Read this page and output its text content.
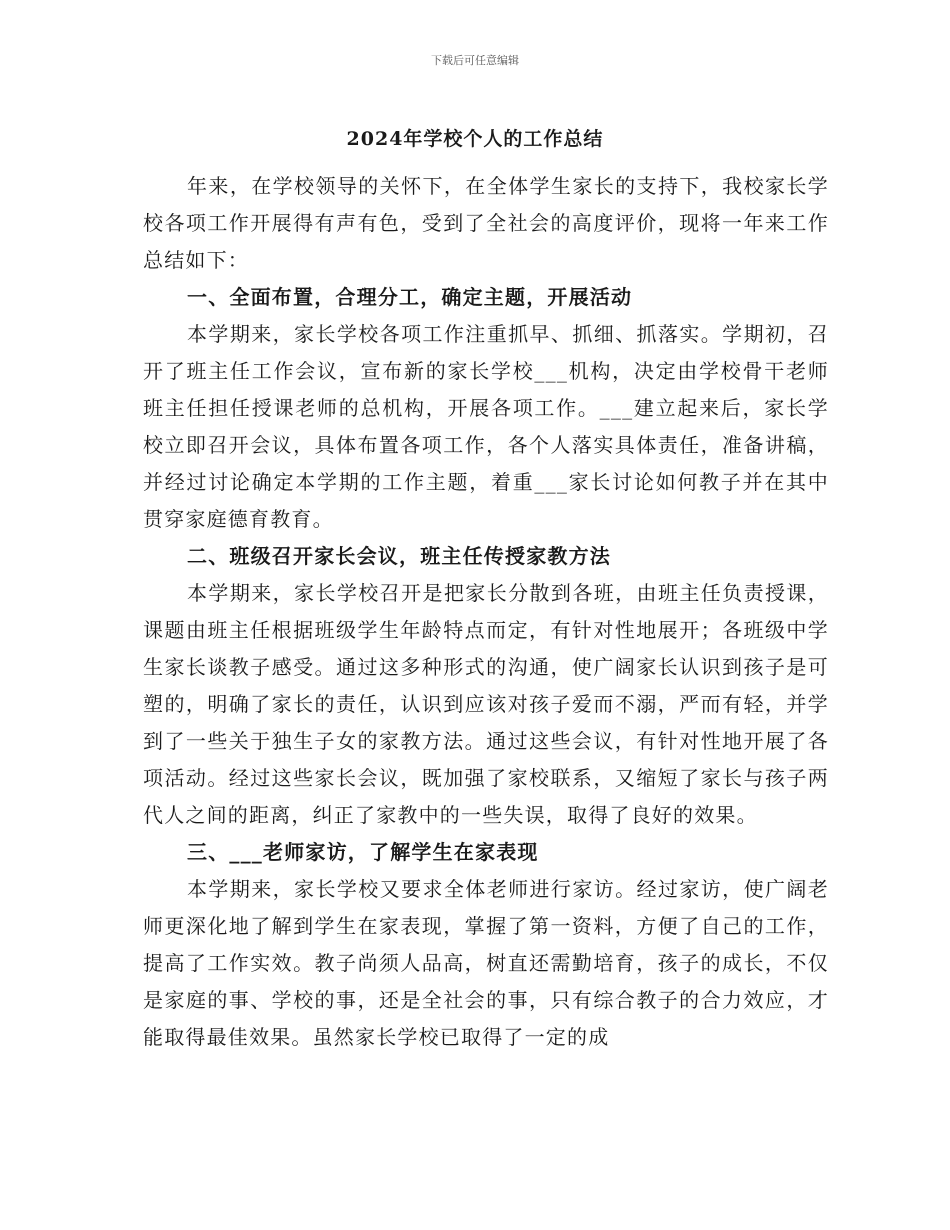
下载后可任意编辑
2024年学校个人的工作总结

年来，在学校领导的关怀下，在全体学生家长的支持下，我校家长学校各项工作开展得有声有色，受到了全社会的高度评价，现将一年来工作总结如下：

一、全面布置，合理分工，确定主题，开展活动

本学期来，家长学校各项工作注重抓早、抓细、抓落实。学期初，召开了班主任工作会议，宣布新的家长学校___机构，决定由学校骨干老师班主任担任授课老师的总机构，开展各项工作。___建立起来后，家长学校立即召开会议，具体布置各项工作，各个人落实具体责任，准备讲稿，并经过讨论确定本学期的工作主题，着重___家长讨论如何教子并在其中贯穿家庭德育教育。

二、班级召开家长会议，班主任传授家教方法

本学期来，家长学校召开是把家长分散到各班，由班主任负责授课，课题由班主任根据班级学生年龄特点而定，有针对性地展开；各班级中学生家长谈教子感受。通过这多种形式的沟通，使广阔家长认识到孩子是可塑的，明确了家长的责任，认识到应该对孩子爱而不溺，严而有轻，并学到了一些关于独生子女的家教方法。通过这些会议，有针对性地开展了各项活动。经过这些家长会议，既加强了家校联系，又缩短了家长与孩子两代人之间的距离，纠正了家教中的一些失误，取得了良好的效果。

三、___老师家访，了解学生在家表现

本学期来，家长学校又要求全体老师进行家访。经过家访，使广阔老师更深化地了解到学生在家表现，掌握了第一资料，方便了自己的工作，提高了工作实效。教子尚须人品高，树直还需勤培育，孩子的成长，不仅是家庭的事、学校的事，还是全社会的事，只有综合教子的合力效应，才能取得最佳效果。虽然家长学校已取得了一定的成
